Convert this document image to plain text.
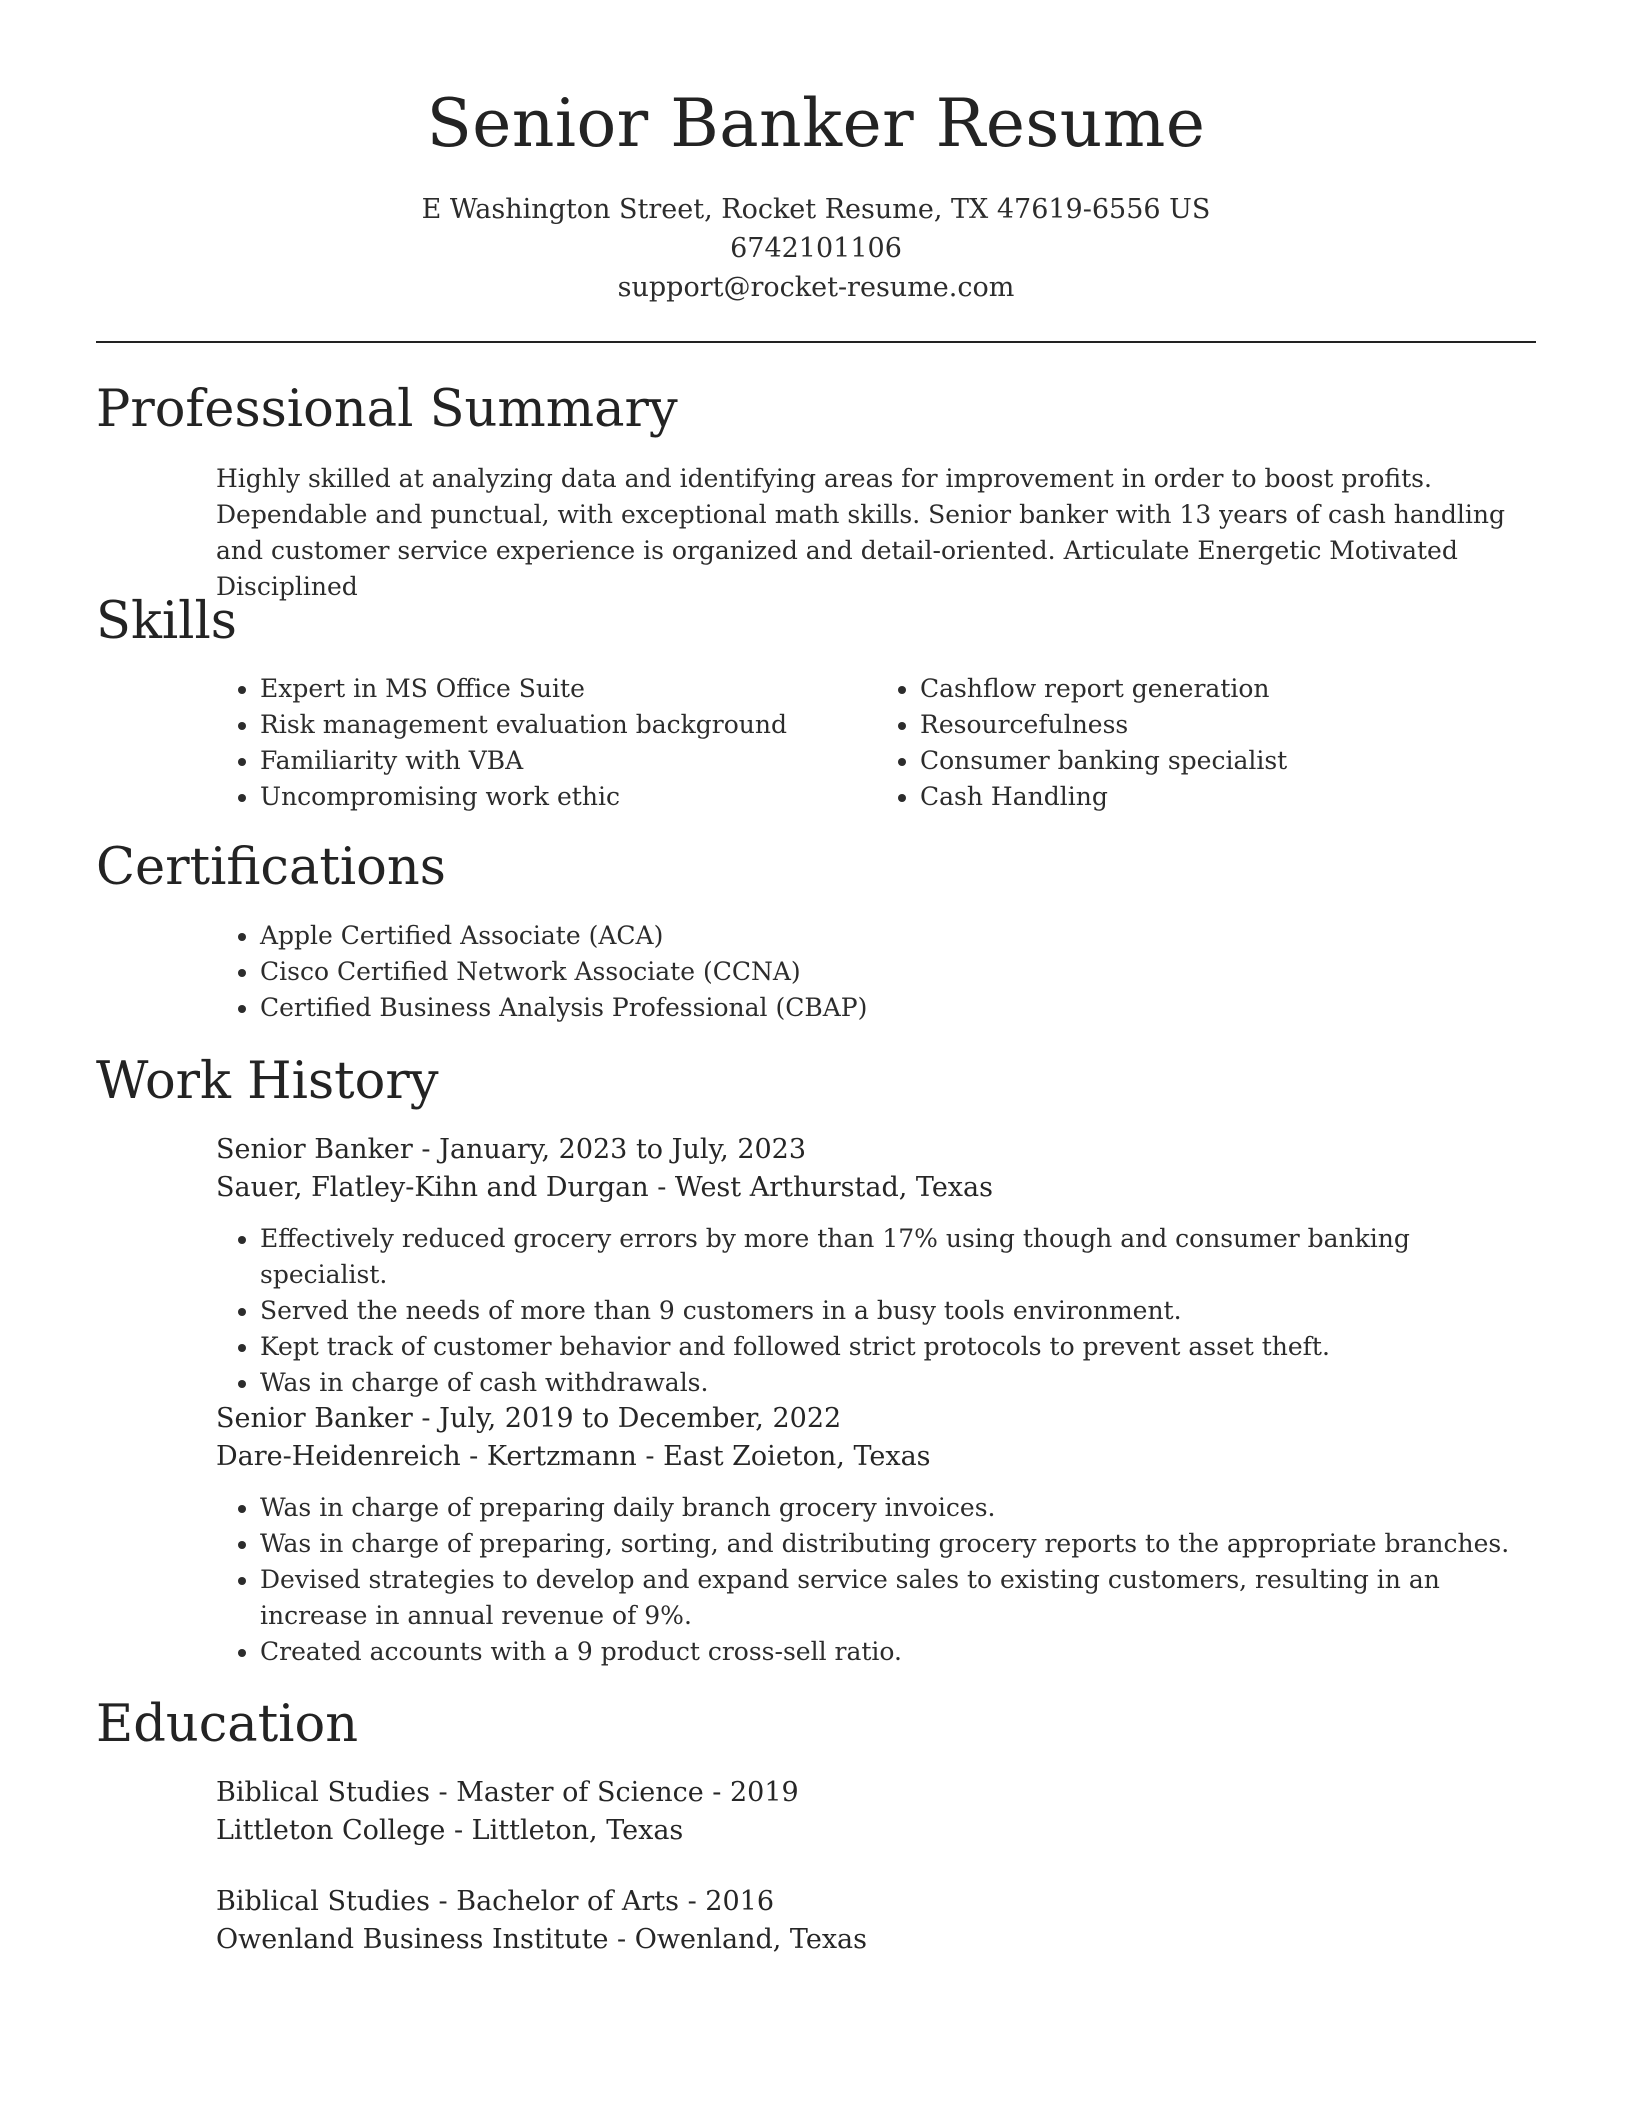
Senior Banker Resume
E Washington Street, Rocket Resume, TX 47619-6556 US
6742101106
support@rocket-resume.com
Professional Summary

Highly skilled at analyzing data and identifying areas for improvement in order to boost profits. Dependable and punctual, with exceptional math skills. Senior banker with 13 years of cash handling and customer service experience is organized and detail-oriented. Articulate Energetic Motivated Disciplined

Skills
• Expert in MS Office Suite
• Risk management evaluation background
• Familiarity with VBA
• Uncompromising work ethic
• Cashflow report generation
• Resourcefulness
• Consumer banking specialist
• Cash Handling
Certifications
• Apple Certified Associate (ACA)
• Cisco Certified Network Associate (CCNA)
• Certified Business Analysis Professional (CBAP)
Work History
Senior Banker - January, 2023 to July, 2023
Sauer, Flatley-Kihn and Durgan - West Arthurstad, Texas
• Effectively reduced grocery errors by more than 17% using though and consumer banking specialist.
• Served the needs of more than 9 customers in a busy tools environment.
• Kept track of customer behavior and followed strict protocols to prevent asset theft.
• Was in charge of cash withdrawals.
Senior Banker - July, 2019 to December, 2022
Dare-Heidenreich - Kertzmann - East Zoieton, Texas
• Was in charge of preparing daily branch grocery invoices.
• Was in charge of preparing, sorting, and distributing grocery reports to the appropriate branches.
• Devised strategies to develop and expand service sales to existing customers, resulting in an increase in annual revenue of 9%.
• Created accounts with a 9 product cross-sell ratio.
Education
Biblical Studies - Master of Science - 2019
Littleton College - Littleton, Texas
Biblical Studies - Bachelor of Arts - 2016
Owenland Business Institute - Owenland, Texas
